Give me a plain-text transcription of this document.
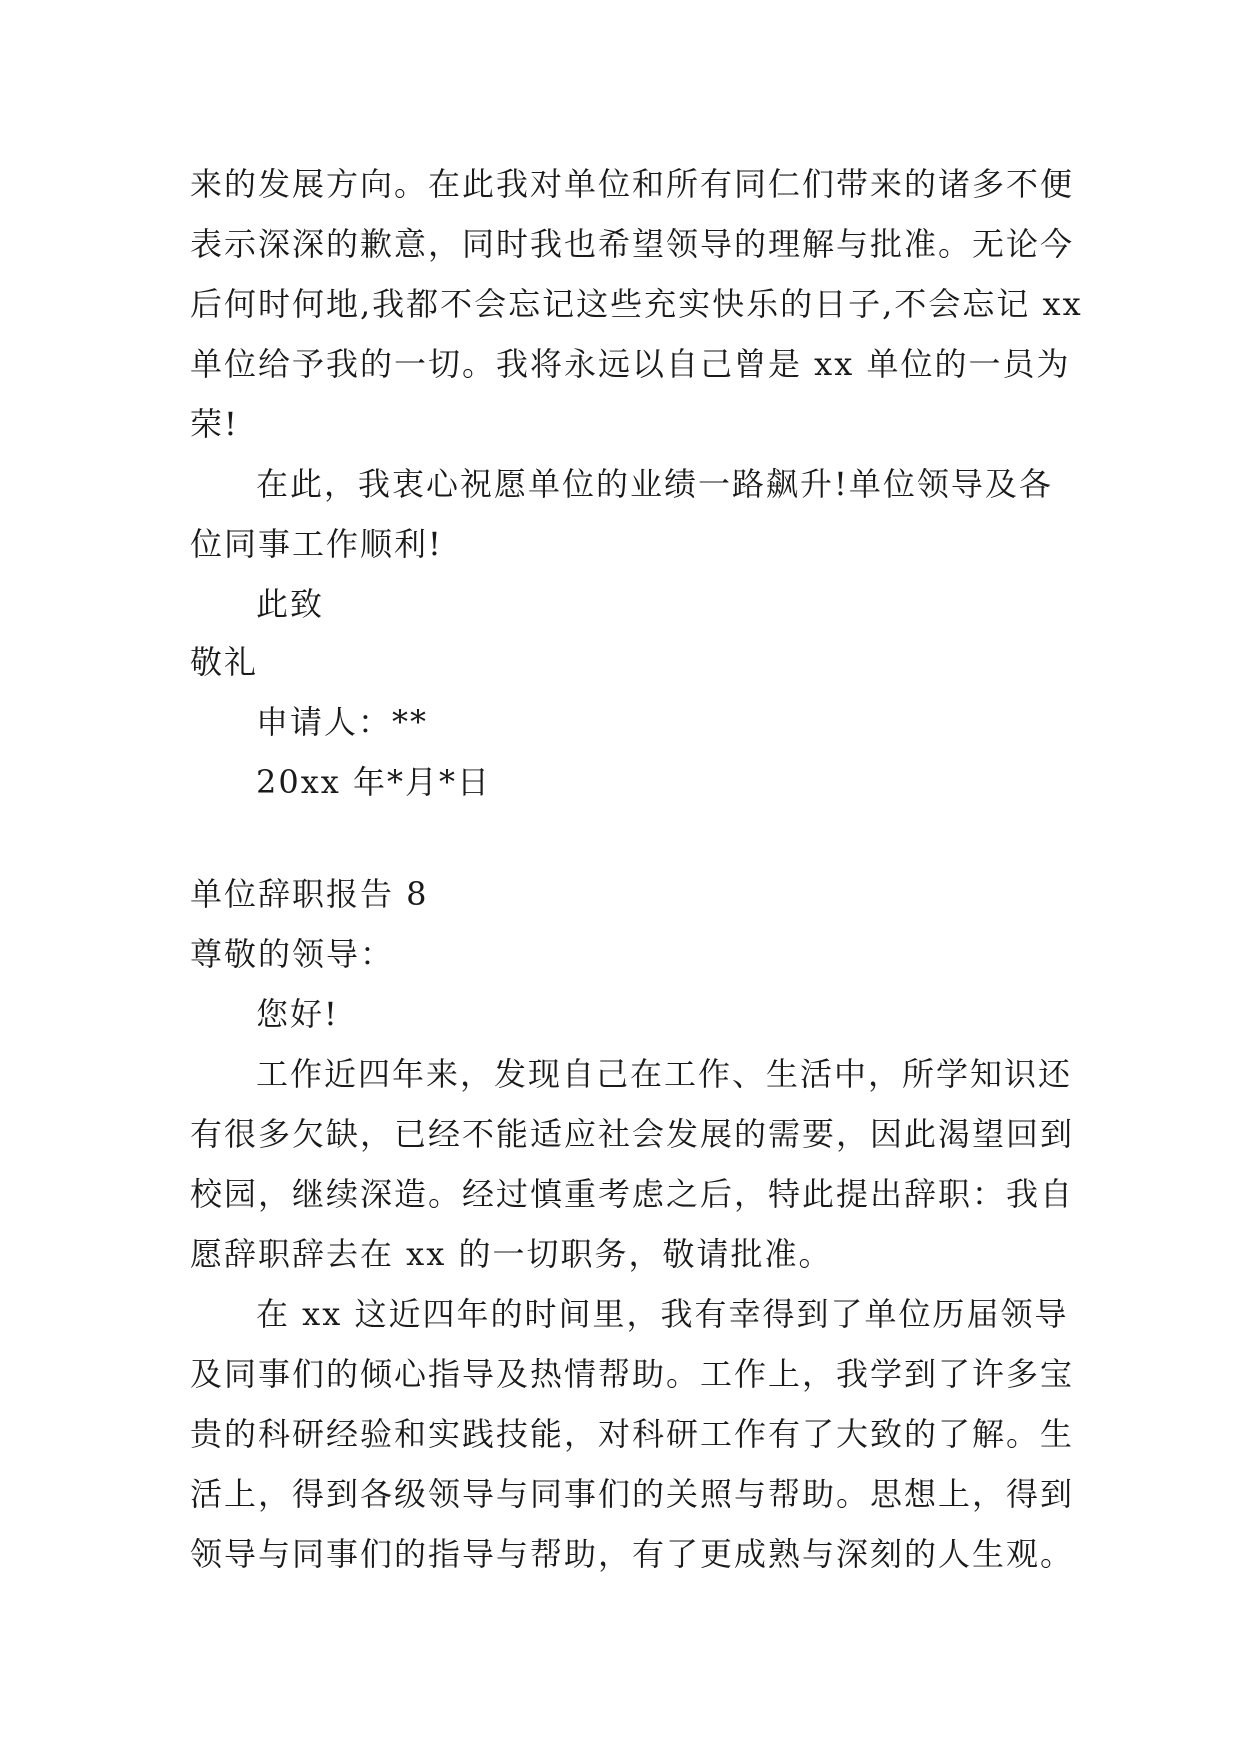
来的发展方向。在此我对单位和所有同仁们带来的诸多不便
表示深深的歉意，同时我也希望领导的理解与批准。无论今
后何时何地,我都不会忘记这些充实快乐的日子,不会忘记 xx
单位给予我的一切。我将永远以自己曾是 xx 单位的一员为
荣!
在此，我衷心祝愿单位的业绩一路飙升!单位领导及各
位同事工作顺利!
此致
敬礼
申请人：**
20xx 年*月*日
单位辞职报告 8
尊敬的领导：
您好!
工作近四年来，发现自己在工作、生活中，所学知识还
有很多欠缺，已经不能适应社会发展的需要，因此渴望回到
校园，继续深造。经过慎重考虑之后，特此提出辞职：我自
愿辞职辞去在 xx 的一切职务，敬请批准。
在 xx 这近四年的时间里，我有幸得到了单位历届领导
及同事们的倾心指导及热情帮助。工作上，我学到了许多宝
贵的科研经验和实践技能，对科研工作有了大致的了解。生
活上，得到各级领导与同事们的关照与帮助。思想上，得到
领导与同事们的指导与帮助，有了更成熟与深刻的人生观。
